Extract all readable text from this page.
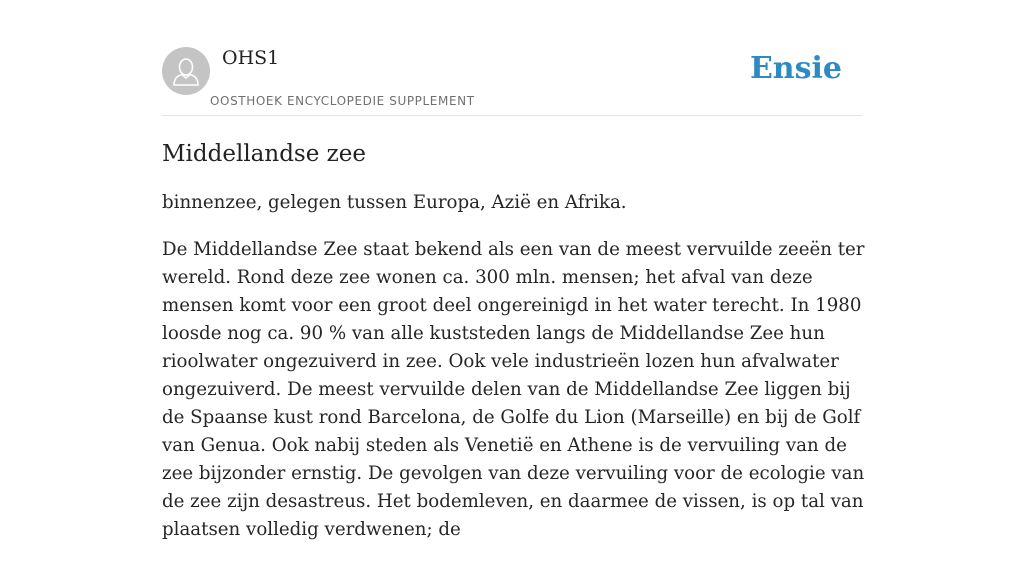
OHS1
OOSTHOEK ENCYCLOPEDIE SUPPLEMENT
Ensie
Middellandse zee

binnenzee, gelegen tussen Europa, Azië en Afrika.

De Middellandse Zee staat bekend als een van de meest vervuilde zeeën ter wereld. Rond deze zee wonen ca. 300 mln. mensen; het afval van deze mensen komt voor een groot deel ongereinigd in het water terecht. In 1980 loosde nog ca. 90 % van alle kuststeden langs de Middellandse Zee hun rioolwater ongezuiverd in zee. Ook vele industrieën lozen hun afvalwater ongezuiverd. De meest vervuilde delen van de Middellandse Zee liggen bij de Spaanse kust rond Barcelona, de Golfe du Lion (Marseille) en bij de Golf van Genua. Ook nabij steden als Venetië en Athene is de vervuiling van de zee bijzonder ernstig. De gevolgen van deze vervuiling voor de ecologie van de zee zijn desastreus. Het bodemleven, en daarmee de vissen, is op tal van plaatsen volledig verdwenen; de
